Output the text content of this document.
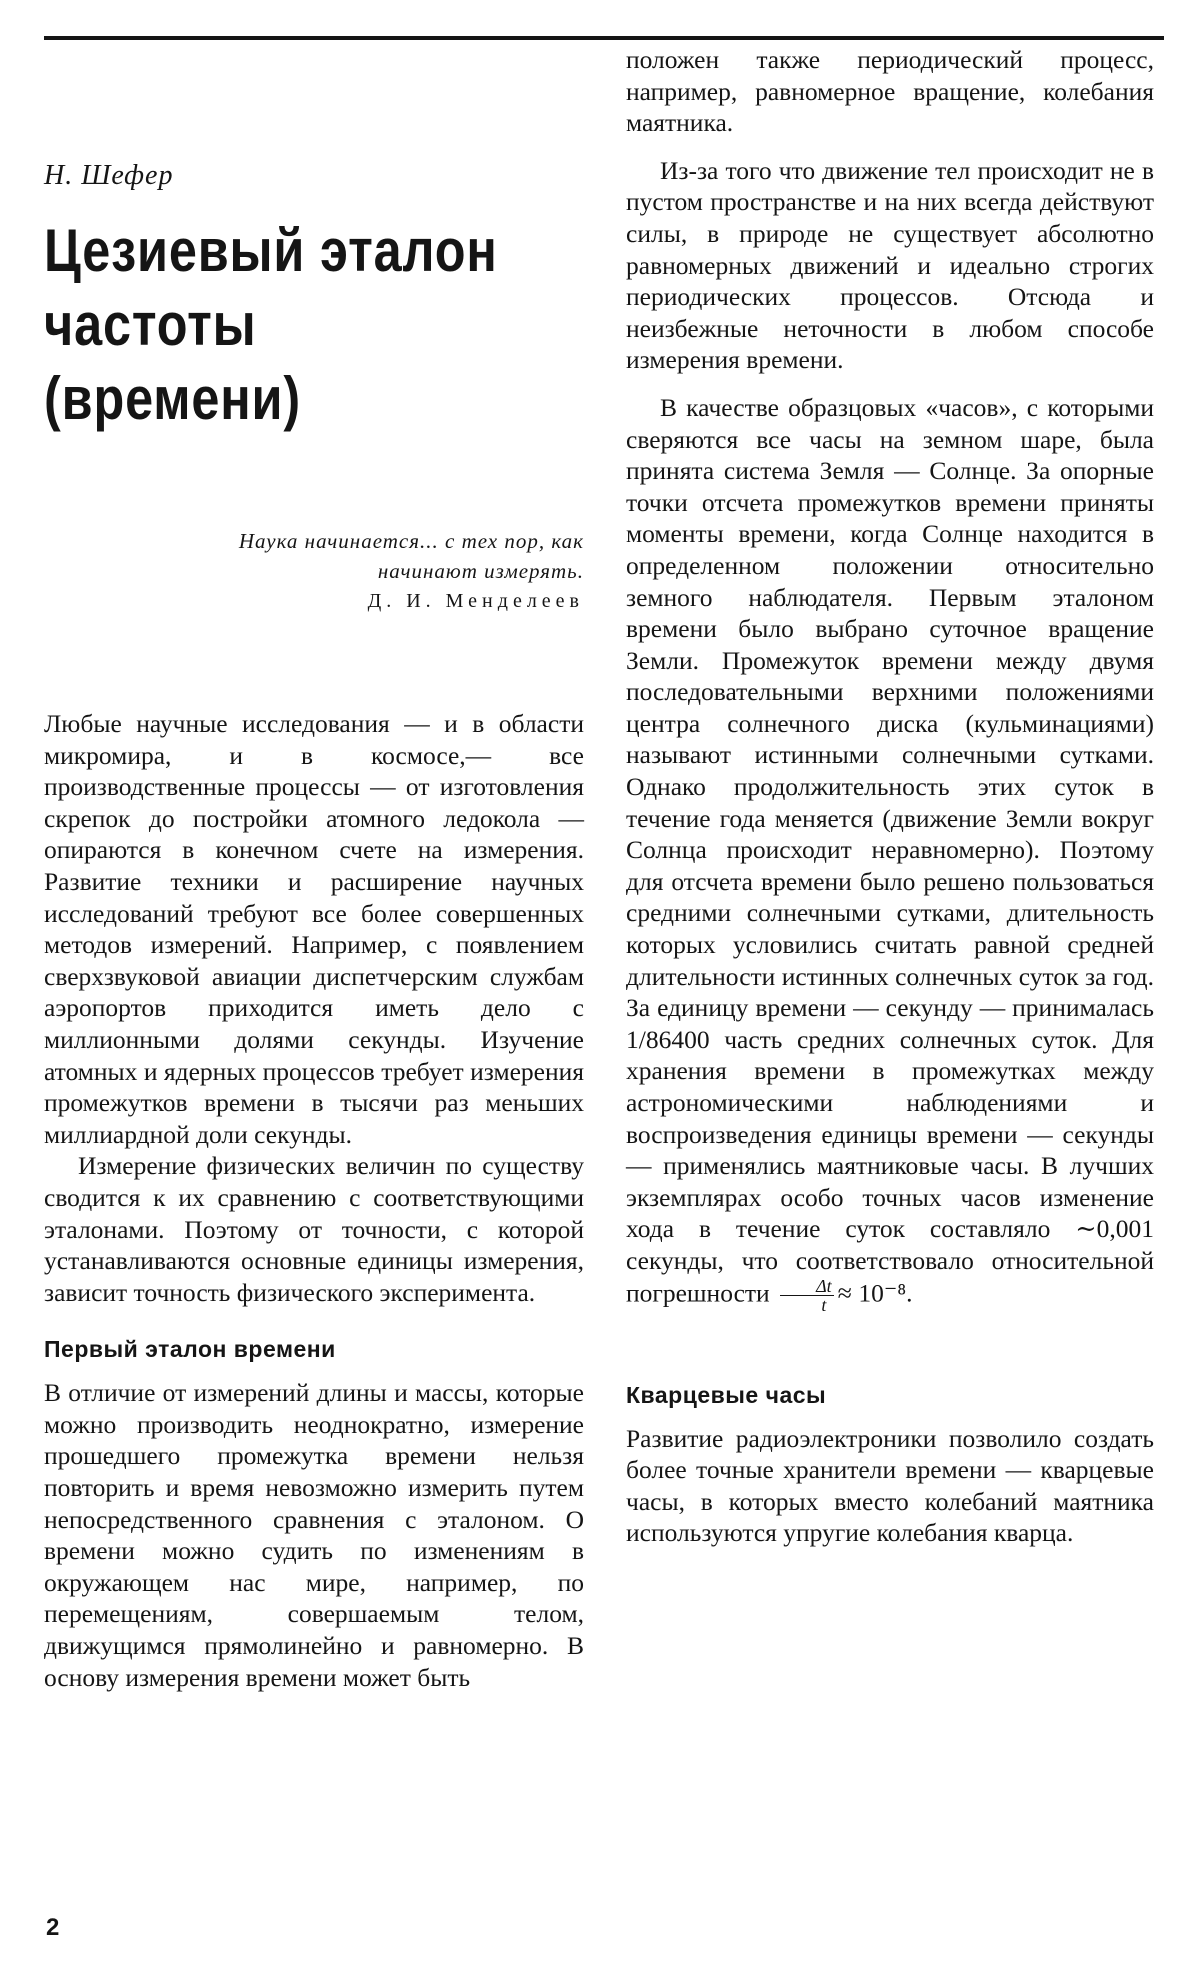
Н. Шефер
Цезиевый эталон
частоты
(времени)
Наука начинается... с тех пор, как
начинают измерять.
Д. И. Менделеев

Любые научные исследования — и в области микромира, и в космосе,— все производственные процессы — от изготовления скрепок до постройки атомного ледокола — опираются в конечном счете на измерения. Развитие техники и расширение научных исследований требуют все более совершенных методов измерений. Например, с появлением сверхзвуковой авиации диспетчерским службам аэропортов приходится иметь дело с миллионными долями секунды. Изучение атомных и ядерных процессов требует измерения промежутков времени в тысячи раз меньших миллиардной доли секунды.

Измерение физических величин по существу сводится к их сравнению с соответствующими эталонами. Поэтому от точности, с которой устанавливаются основные единицы измерения, зависит точность физического эксперимента.

Первый эталон времени

В отличие от измерений длины и массы, которые можно производить неоднократно, измерение прошедшего промежутка времени нельзя повторить и время невозможно измерить путем непосредственного сравнения с эталоном. О времени можно судить по изменениям в окружающем нас мире, например, по перемещениям, совершаемым телом, движущимся прямолинейно и равномерно. В основу измерения времени может быть

положен также периодический процесс, например, равномерное вращение, колебания маятника.

Из-за того что движение тел происходит не в пустом пространстве и на них всегда действуют силы, в природе не существует абсолютно равномерных движений и идеально строгих периодических процессов. Отсюда и неизбежные неточности в любом способе измерения времени.

В качестве образцовых «часов», с которыми сверяются все часы на земном шаре, была принята система Земля — Солнце. За опорные точки отсчета промежутков времени приняты моменты времени, когда Солнце находится в определенном положении относительно земного наблюдателя. Первым эталоном времени было выбрано суточное вращение Земли. Промежуток времени между двумя последовательными верхними положениями центра солнечного диска (кульминациями) называют истинными солнечными сутками. Однако продолжительность этих суток в течение года меняется (движение Земли вокруг Солнца происходит неравномерно). Поэтому для отсчета времени было решено пользоваться средними солнечными сутками, длительность которых условились считать равной средней длительности истинных солнечных суток за год. За единицу времени — секунду — принималась 1/86400 часть средних солнечных суток. Для хранения времени в промежутках между астрономическими наблюдениями и воспроизведения единицы времени — секунды — применялись маятниковые часы. В лучших экземплярах особо точных часов изменение хода в течение суток составляло ∼0,001 секунды, что соответствовало относительной погрешности $\frac{\Delta t}{t} \approx 10^{-8}$.

Кварцевые часы

Развитие радиоэлектроники позволило создать более точные хранители времени — кварцевые часы, в которых вместо колебаний маятника используются упругие колебания кварца.

2
